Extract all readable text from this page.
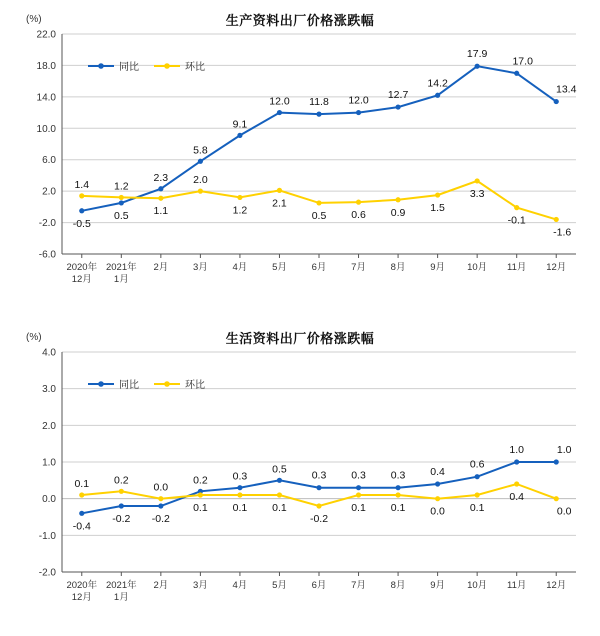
生产资料出厂价格涨跌幅
(%)
-6.0
-2.0
2.0
6.0
10.0
14.0
18.0
22.0
-0.5
0.5
2.3
5.8
9.1
12.0 11.8 12.0 12.7
14.2
17.9
17.0
13.4
1.4 1.2
1.1
2.0
1.2
2.1
0.5 0.6 0.9 1.5
3.3
-0.1
-1.6
2020年
12月
2021年
1月
2月	3月	4月	5月	6月	7月	8月	9月 10月 11月 12月
同比	环比
生活资料出厂价格涨跌幅
(%)
-2.0
-1.0
0.0
1.0
2.0
3.0
4.0
-0.4
-0.2 -0.2
0.2 0.3
0.5
0.3 0.3 0.3 0.4
0.6
1.0	1.0
0.1 0.2
0.0
0.1 0.1 0.1
-0.2
0.1 0.1 0.0 0.1
0.4
0.0
2020年
12月
2021年
1月
2月	3月	4月	5月	6月	7月	8月	9月 10月 11月 12月
同比	环比
